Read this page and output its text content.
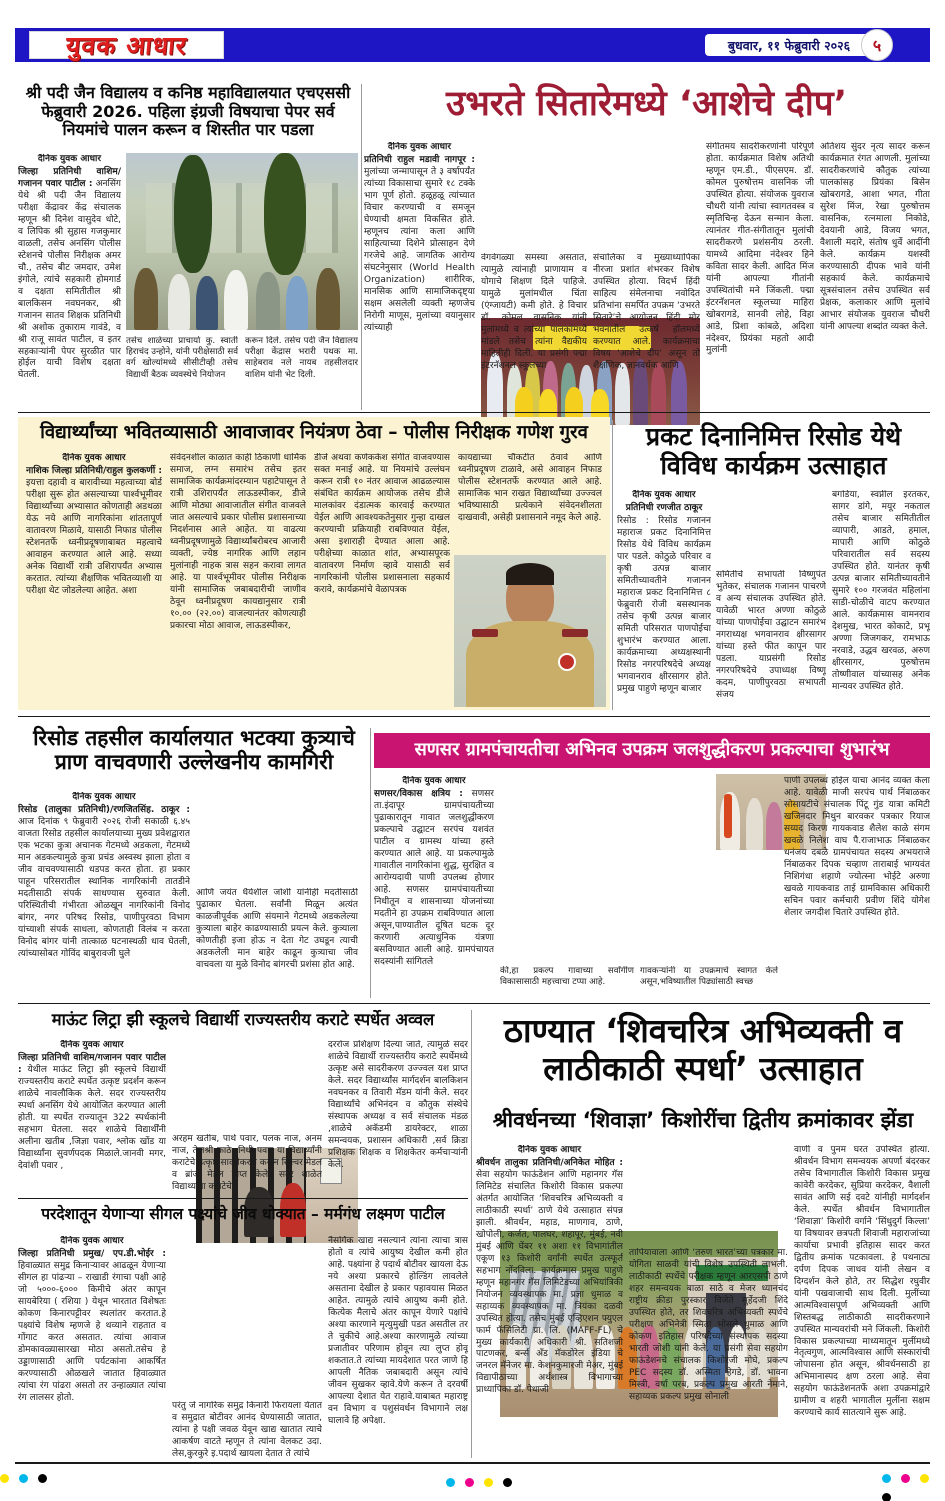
युवक आधार	बुधवार, ११ फेब्रुवारी २०२६ ५
श्री पदी जैन विद्यालय व कनिष्ठ महाविद्यालयात एचएससी फेब्रुवारी 2026. पहिला इंग्रजी विषयाचा पेपर सर्व नियमांचे पालन करून व शिस्तीत पार पडला
दैनिक युवक आधार
जिल्हा प्रतिनिधी वाशिम/ गजानन पवार पाटील : अनसिंग येथे श्री पदी जैन विद्यालय परीक्षा केंद्रावर केंद्र संचालक म्हणून श्री दिनेश वासुदेव धोटे, व लिपिक श्री सुहास गजकुमार वाळली, तसेच अनसिंग पोलीस स्टेशनचे पोलीस निरीक्षक अमर चौ., तसेच बीट जमदार, उमेश इंगोले, त्यांचे सहकारी होमगार्ड व दक्षता समितीतील श्री बालकिसन नवघनकर, श्री गजानन सातव शिक्षक प्रतिनिधी श्री अशोक तुकाराम गावंडे, व श्री राजू सावंत पाटील, व इतर सहकाऱ्यांनी पेपर सुरळीत पार होईल याची विशेष दक्षता घेतली.
तसेच शाळेच्या प्राचार्या कु. स्वाती हिराचंद उन्होने, यांनी परीक्षेसाठी सर्व वर्ग खोल्यांमध्ये सीसीटीव्ही तसेच विद्यार्थी बैठक व्यवस्थेचे नियोजन
करून दिले. तसेच पदी जैन विद्यालय परीक्षा केंद्रास भरारी पथक मा. साहेबराव नले नायब तहसीलदार वाशिम यांनी भेट दिली.
उभरते सितारेमध्ये ‘आशेचे दीप’
दैनिक युवक आधार
प्रतिनिधी राहुल मडावी नागपूर : मुलांच्या जन्मापासून ते ३ वर्षापर्यंत त्यांच्या विकासाचा सुमारे १८ टक्के भाग पूर्ण होतो. हळूहळू त्यांच्यात विचार करण्याची व समजून घेण्याची क्षमता विकसित होते. म्हणूनच त्यांना कला आणि साहित्याच्या दिशेने प्रोत्साहन देणे गरजेचे आहे. जागतिक आरोग्य संघटनेनुसार (World Health Organization) शारीरिक, मानसिक आणि सामाजिकदृष्ट्या सक्षम असलेली व्यक्ती म्हणजेच निरोगी माणूस, मुलांच्या वयानुसार त्यांच्याही
वेगवेगळ्या समस्या असतात, त्यामुळे त्यांनाही प्राणायाम व योगाचे शिक्षण दिले पाहिजे. यामुळे मुलांमधील चिंता (एंग्जायटी) कमी होते. हे विचार डॉ. कोमल वासनिक यांनी मुलांमध्ये व त्यांच्या पालकांमध्ये मांडले तसेच त्यांना वैद्यकीय माहितीही दिली. या प्रसंगी पद्मा इंटरनॅशनल स्कूलच्या
संचालिका व मुख्याध्यापिका नीरजा प्रशांत शंभरकर विशेष उपस्थित होत्या. विदर्भ हिंदी साहित्य संमेलनाचा नवोदित प्रतिभांना समर्पित उपक्रम ‘उभरते सितारे’चे आयोजन हिंदी मोर भवनातील उत्कर्ष हॉलमध्ये करण्यात आले. कार्यक्रमाचा विषय ‘आशेचे दीप’ असून तो शैक्षणिक, ज्ञानवर्धक आणि
संगीतमय सादरीकरणांनी परिपूर्ण होता. कार्यक्रमात विशेष अतिथी म्हणून एम.डी., पीएसएम. डॉ. कोमल पुरुषोत्तम वासनिक जी उपस्थित होत्या. संयोजक युवराज चौधरी यांनी त्यांचा स्वागतवस्त्र व स्मृतिचिन्ह देऊन सन्मान केला. त्यानंतर गीत-संगीतातून मुलांची सादरीकरणे प्रशंसनीय ठरली. यामध्ये आदिमा नंदेश्वर हिने कविता सादर केली. आदित मिंज यांनी आपल्या गीतांनी उपस्थितांची मने जिंकली. पद्मा इंटरनॅशनल स्कूलच्या माहिरा खोबरागडे, सानवी लोहे, विहा आडे, प्रिशा कांबळे, अदिशा नंदेश्वर, प्रियंका महतो आदी मुलांनी
अतिशय सुंदर नृत्य सादर करून कार्यक्रमात रंगत आणली. मुलांच्या सादरीकरणांचे कौतुक त्यांच्या पालकांसह प्रियंका बिसेन खोबरागडे, आशा भगत, गीता सुरेश मिंज, रेखा पुरुषोत्तम वासनिक, रत्नमाला निकोडे, देवयानी आडे, विजय भगत, वैशाली मदारे, संतोष धुर्वे आदींनी केले. कार्यक्रम यशस्वी करण्यासाठी दीपक भावे यांनी सहकार्य केले. कार्यक्रमाचे सूत्रसंचालन तसेच उपस्थित सर्व प्रेक्षक, कलाकार आणि मुलांचे आभार संयोजक युवराज चौधरी यांनी आपल्या शब्दांत व्यक्त केले.
विद्यार्थ्यांच्या भवितव्यासाठी आवाजावर नियंत्रण ठेवा – पोलीस निरीक्षक गणेश गुरव
दैनिक युवक आधार
नाशिक जिल्हा प्रतिनिधी/राहुल कुलकर्णी : इयत्ता दहावी व बारावीच्या महत्वाच्या बोर्ड परीक्षा सुरू होत असल्याच्या पार्श्वभूमीवर विद्यार्थ्यांच्या अभ्यासात कोणताही अडथळा येऊ नये आणि नागरिकांना शांततापूर्ण वातावरण मिळावे, यासाठी निफाड पोलीस स्टेशनतर्फे ध्वनीप्रदूषणाबाबत महत्वाचे आवाहन करण्यात आले आहे. सध्या अनेक विद्यार्थी रात्री उशिरापर्यंत अभ्यास करतात. त्यांच्या शैक्षणिक भवितव्याशी या परीक्षा थेट जोडलेल्या आहेत. अशा
संवेदनशील काळात काही ठिकाणी धार्मिक समाज, लग्न समारंभ तसेच इतर सामाजिक कार्यक्रमांदरम्यान पहाटेपासून ते रात्री उशिरापर्यंत लाऊडस्पीकर, डीजे आणि मोठ्या आवाजातील संगीत वाजवले जात असल्याचे प्रकार पोलीस प्रशासनाच्या निदर्शनास आले आहेत. या वाढत्या ध्वनीप्रदूषणामुळे विद्यार्थ्यांबरोबरच आजारी व्यक्ती, ज्येष्ठ नागरिक आणि लहान मुलांनाही नाहक त्रास सहन करावा लागत आहे. या पार्श्वभूमीवर पोलीस निरीक्षक यांनी सामाजिक जबाबदारीची जाणीव ठेवून ध्वनीप्रदूषण कायद्यानुसार रात्री १०.०० (२२.००) वाजल्यानंतर कोणत्याही प्रकारचा मोठा आवाज, लाऊडस्पीकर,
डीजे अथवा कर्णकर्कश संगीत वाजवण्यास सक्त मनाई आहे. या नियमांचे उल्लंघन करून रात्री १० नंतर आवाज आढळल्यास संबंधित कार्यक्रम आयोजक तसेच डीजे मालकांवर दंडात्मक कारवाई करण्यात येईल आणि आवश्यकतेनुसार गुन्हा दाखल करण्याची प्रक्रियाही राबविण्यात येईल, असा इशाराही देण्यात आला आहे. परीक्षेच्या काळात शांत, अभ्यासपूरक वातावरण निर्माण व्हावे यासाठी सर्व नागरिकांनी पोलीस प्रशासनाला सहकार्य करावे, कार्यक्रमांचे वेळापत्रक
कायद्याच्या चौकटीत ठेवावे आणि ध्वनीप्रदूषण टाळावे, असे आवाहन निफाड पोलीस स्टेशनतर्फे करण्यात आले आहे. सामाजिक भान राखत विद्यार्थ्यांच्या उज्ज्वल भविष्यासाठी प्रत्येकाने संवेदनशीलता दाखवावी, असेही प्रशासनाने नमूद केले आहे.
प्रकट दिनानिमित्त रिसोड येथे विविध कार्यक्रम उत्साहात
दैनिक युवक आधार
प्रतिनिधी रणजीत ठाकूर
रिसोड : रिसोड गजानन महाराज प्रकट दिनानिमित्त रिसोड येथे विविध कार्यक्रम पार पडले. कोठुळे परिवार व कृषी उत्पन्न बाजार समितीच्यावतीने गजानन महाराज प्रकट दिनानिमित्त ८ फेब्रुवारी रोजी बसस्थानक तसेच कृषी उत्पन्न बाजार समिती परिसरात पाणपोईचा शुभारंभ करण्यात आला. कार्यक्रमाच्या अध्यक्षस्थानी रिसोड नगरपरिषदेचे अध्यक्ष भगवानराव क्षीरसागर होते. प्रमुख पाहुणे म्हणून बाजार
समितीचे सभापती विष्णुपंत भुतेकर, संचालक गजानन पाचरणे व अन्य संचालक उपस्थित होते. यावेळी भारत अण्णा कोठुळे यांच्या पाणपोईचा उद्घाटन समारंभ नगराध्यक्ष भगवानराव क्षीरसागर यांच्या हस्ते फीत कापून पार पडला. याप्रसंगी रिसोड नगरपरिषदेचे उपाध्यक्ष विष्णू कदम, पाणीपुरवठा सभापती संजय
बगडिया, स्वप्नील इरतकर, सागर डांगे, मयूर नकताल तसेच बाजार समितीतील व्यापारी, आडते, हमाल, मापारी आणि कोठुळे परिवारातील सर्व सदस्य उपस्थित होते. यानंतर कृषी उत्पन्न बाजार समितीच्यावतीने सुमारे १०० गरजवंत महिलांना साडी-चोळीचे वाटप करण्यात आले. कार्यक्रमास वामनराव देशमुख, भारत कोकाटे, प्रभू अण्णा जिजगकर, रामभाऊ नरवाडे, उद्धव खरवळ, अरुण क्षीरसागर, पुरुषोत्तम तोष्णीवाल यांच्यासह अनेक मान्यवर उपस्थित होते.
रिसोड तहसील कार्यालयात भटक्या कुत्र्याचे प्राण वाचवणारी उल्लेखनीय कामगिरी
दैनिक युवक आधार
रिसोड (तालुका प्रतिनिधी)/रणजितसिंह. ठाकूर : आज दिनांक ९ फेब्रुवारी २०२६ रोजी सकाळी ६.४५ वाजता रिसोड तहसील कार्यालयाच्या मुख्य प्रवेशद्वारात एक भटका कुत्रा अचानक गेटमध्ये अडकला, गेटमध्ये मान अडकल्यामुळे कुत्रा प्रचंड अस्वस्थ झाला होता व जीव वाचवण्यासाठी धडपड करत होता. हा प्रकार पाहून परिसरातील स्थानिक नागरिकांनी तातडीने मदतीसाठी संपर्क साधण्यास सुरुवात केली. परिस्थितीची गंभीरता ओळखून नागरिकांनी विनोद बांगर, नगर परिषद रिसोड, पाणीपुरवठा विभाग यांच्याशी संपर्क साधला, कोणताही विलंब न करता विनोद बांगर यांनी तात्काळ घटनास्थळी धाव घेतली, त्यांच्यासोबत गोविंद बाबुरावजी घुले
आणि जयंत धैर्यशील जोशी यांनीही मदतीसाठी पुढाकार घेतला. सर्वांनी मिळून अत्यंत काळजीपूर्वक आणि संयमाने गेटमध्ये अडकलेल्या कुत्र्याला बाहेर काढण्यासाठी प्रयत्न केले. कुत्र्याला कोणतीही इजा होऊ न देता गेट उघडून त्याची अडकलेली मान बाहेर काढून कुत्र्याचा जीव वाचवला या मुळे विनोद बांगरची प्रशंसा होत आहे.
सणसर ग्रामपंचायतीचा अभिनव उपक्रम जलशुद्धीकरण प्रकल्पाचा शुभारंभ
दैनिक युवक आधार
सणसर/विकास क्षत्रिय : सणसर ता.इंदापूर ग्रामपंचायतीच्या पुढाकारातून गावात जलशुद्धीकरण प्रकल्पाचे उद्घाटन सरपंच यशवंत पाटील व ग्रामस्थ यांच्या हस्ते करण्यात आले आहे. या प्रकल्पामुळे गावातील नागरिकांना शुद्ध, सुरक्षित व आरोग्यदायी पाणी उपलब्ध होणार आहे. सणसर ग्रामपंचायतीच्या निधीतून व शासनाच्या योजनांच्या मदतीने हा उपक्रम राबविण्यात आला असून,पाण्यातील दूषित घटक दूर करणारी अत्याधुनिक यंत्रणा बसविण्यात आली आहे. ग्रामपंचायत सदस्यांनी सांगितले
की,हा प्रकल्प गावाच्या सर्वांगीण विकासासाठी महत्त्वाचा टप्पा आहे.
गावकऱ्यांनी या उपक्रमाचे स्वागत केले असून,भविष्यातील पिढ्यांसाठी स्वच्छ
पाणी उपलब्ध होईल याचा आनंद व्यक्त केला आहे. यावेळी माजी सरपंच पार्थ निंबाळकर सोसायटीचे संचालक पिंटू गुंड यात्रा कमिटी खजिनदार मिथुन बारवकर पत्रकार रियाज सय्यद किरण गायकवाड शैलेश काळे संगम खवळे निलेश वाघ पै.राजाभाऊ निंबाळकर धनंजय दबळे ग्रामपंचायत सदस्य अभयराजे निंबाळकर दिपक चव्हाण ताराबाई भाग्यवंत निशिगंधा शहाणे ज्योत्स्ना भोईटे अरुणा खवळे गायकवाड ताई ग्रामविकास अधिकारी सचिन पवार कर्मचारी प्रवीण शिंदे योगेश शेलार जगदीश चितारे उपस्थित होते.
माऊंट लिट्रा झी स्कूलचे विद्यार्थी राज्यस्तरीय कराटे स्पर्धेत अव्वल
दैनिक युवक आधार
जिल्हा प्रतिनिधी वाशिम/गजानन पवार पाटील : येथील माऊंट लिट्रा झी स्कूलचे विद्यार्थी राज्यस्तरीय कराटे स्पर्धेत उत्कृष्ट प्रदर्शन करून शाळेचे नावलौकिक केले. सदर राज्यस्तरीय स्पर्धा अनसिंग येथे आयोजित करण्यात आली होती. या स्पर्धेत राज्यातून 322 स्पर्धकांनी सहभाग घेतला. सदर शाळेचे विद्यार्थींनी अलीना खतीब ,जिज्ञा पवार, श्लोक खोंड या विद्यार्थ्यांना सुवर्णपदक मिळाले.जानवी मगर, देवांशी पवार ,
अरहम खतीब, पार्थ पवार, पलक नाज, अनम नाज, तेजश्री काठे, निधी पवार या विद्यार्थ्यांनी कराटेचे उत्कृष्ट सादरीकरण करून सिल्वर मेडल व ब्रांज मेडल प्राप्त केले. सदर शाळेत विद्यार्थ्यांना कराटेचे
दररोज प्रशिक्षण दिल्या जाते, त्यामुळे सदर शाळेचे विद्यार्थी राज्यस्तरीय कराटे स्पर्धेमध्ये उत्कृष्ट असे सादरीकरण उज्ज्वल यश प्राप्त केले. सदर विद्यार्थ्यांस मार्गदर्शन बालकिशन नवघनकर व तिवारी मॅडम यांनी केले. सदर विद्यार्थ्यांचे अभिनंदन व कौतुक संस्थेचे संस्थापक अध्यक्ष व सर्व संचालक मंडळ ,शाळेचे अकॅडमी डायरेक्टर, शाळा समन्वयक, प्रशासन अधिकारी ,सर्व क्रिडा प्रशिक्षक शिक्षक व शिक्षकेतर कर्मचाऱ्यांनी केले.
परदेशातून येणाऱ्या सीगल पक्ष्यांचे जीव धोक्यात – मर्मगंध लक्ष्मण पाटील
दैनिक युवक आधार
जिल्हा प्रतिनिधी प्रमुख/ एप.डी.भोईर : हिवाळ्यात समुद्र किनाऱ्यावर आढळून येणाऱ्या सीगल हा पांढऱ्या – राखाडी रंगाचा पक्षी आहे जो ५०००-६००० किमीचे अंतर कापून सायबेरिया ( रशिया ) येथून भारतात विशेषतः कोकण किनारपट्टीवर स्थलांतर करतात.हे पक्ष्यांचे विशेष म्हणजे हे थव्याने राहतात व गोंगाट करत असतात. त्यांचा आवाज डोमकावळ्यासारखा मोठा असतो.तसेच हे उड्डाणासाठी आणि पर्यटकांना आकर्षित करण्यासाठी ओळखले जातात हिवाळ्यात त्यांचा रंग पांढरा असतो तर उन्हाळ्यात त्यांचा रंग लालसर होतो.
परंतु जे नागरिक समुद्र किनारी फिरायला येतात व समुद्रात बोटीवर आनंद घेण्यासाठी जातात, त्यांना हे पक्षी जवळ येवून खाद्य खातात त्याचे आकर्षण वाटते म्हणून ते त्यांना वेलकट उदा. लेस,कुरकुरे इ.पदार्थ खायला देतात ते त्यांचे
नैसर्गिक खाद्य नसल्याने त्यांना त्याचा त्रास होतो व त्यांचे आयुष्य देखील कमी होत आहे. पक्ष्यांना हे पदार्थ बोटीवर खायला देऊ नये अश्या प्रकारचे होल्डिंग लावलेले असताना देखील हे प्रकार पहावयास मिळत आहेत. त्यामुळे त्यांचे आयुष्य कमी होते. कित्येक मैलाचे अंतर कापून येणारे पक्षांचे अश्या कारणाने मृत्युमुखी पडत असतील तर ते चुकीचे आहे.अश्या कारणामुळे त्यांच्या प्रजातीवर परिणाम होवून त्या लुप्त होवू शकतात.ते त्यांच्या मायदेशात परत जाणे हि आपली नैतिक जबाबदारी असून त्यांचे जीवन सुखकर व्हावे.येणे करून ते दरवर्षी आपल्या देशात येत राहावे.याबाबत महाराष्ट्र वन विभाग व पशुसंवर्धन विभागाने लक्ष घालावे हि अपेक्षा.
ठाण्यात ‘शिवचरित्र अभिव्यक्ती व लाठीकाठी स्पर्धा’ उत्साहात
श्रीवर्धनच्या ‘शिवाज्ञा’ किशोरींचा द्वितीय क्रमांकावर झेंडा
दैनिक युवक आधार
श्रीवर्धन तालुका प्रतिनिधी/अनिकेत मोहित : सेवा सहयोग फाऊंडेशन आणि महानगर गॅस लिमिटेड संचालित किशोरी विकास प्रकल्पा अंतर्गत आयोजित ‘शिवचरित्र अभिव्यक्ती व लाठीकाठी स्पर्धा’ ठाणे येथे उत्साहात संपन्न झाली. श्रीवर्धन, महाड, माणगाव, ठाणे, खोपोली, कर्जत, पालघर, शहापूर, मुंबई, नवी मुंबई आणि घेंबर ११ अशा ११ विभागांतील एकूण १३ किशोरी वर्गांनी स्पर्धेत उत्स्फूर्त सहभाग नोंदविला. कार्यक्रमास प्रमुख पाहुणे म्हणून महानगर गॅस लिमिटेडच्या अभियांत्रिकी नियोजन व्यवस्थापक मा. प्रज्ञा धुमाळ व सहाय्यक व्यवस्थापक मा. त्रियंका दळवी उपस्थित होत्या. तसेच मुंबई एव्हिएशन फ्युएल फार्म फॅसिलिटी प्रा. लि. (MAFF-FL) चे मुख्य कार्यकारी अधिकारी श्री. सतिशजी पाटणकर, बर्न्स अँड मॅकडोरेल इंडिया चे जनरल मॅनेजर मा. केशनकुमारजी मेअर, मुंबई विद्यापीठाच्या अर्थशास्त्र विभागाच्या प्राध्यापिका डॉ. पेधाजी
तापियावाला आणि ‘तरुण भारत’च्या पत्रकार मा. योगिता साळवी यांची विशेष उपस्थिती लाभली. लाठीकाठी स्पर्धेचे परीक्षक म्हणून आरएसपी ठाणे शहर समन्वयक बाळा साठे व मेजर ध्यानचंद राष्ट्रीय क्रीडा पुरस्कार विजेते सुर्हेदजी शिंदे उपस्थित होते, तर शिवचरित्र अभिव्यक्ती स्पर्धेचे परीक्षण अभिनेत्री स्मिता भोसले धुमाळ आणि कोकण इतिहास परिषदेच्या संस्थापक सदस्या भारती जोशी यांनी केले. या प्रसंगी सेवा सहयोग फाऊंडेशनचे संचालक किशोरजी मोघे, प्रकल्प PEC सदस्य डॉ. अस्मिता हेगडे, डॉ. भावना मिस्त्री, वर्षा परब, प्रकल्प प्रमुख आरती नेमाने, सहाय्यक प्रकल्प प्रमुख सोनाली
वाणी व पुनम घरत उपस्थित होत्या. श्रीवर्धन विभाग समन्वयक अपर्णा बंदरकर तसेच विभागातील किशोरी विकास प्रमुख कावेरी करदेकर, सुप्रिया करदेकर, वैशाली सावंत आणि सई दवटे यांनीही मार्गदर्शन केले. स्पर्धेत श्रीवर्धन विभागातील ‘शिवाज्ञा’ किशोरी वर्गाने ‘सिंधुदुर्ग किल्ला’ या विषयावर छत्रपती शिवाजी महाराजांच्या कार्याचा प्रभावी इतिहास सादर करत द्वितीय क्रमांक पटकावला. हे पथनाट्य दर्पण दिपक जाधव यांनी लेखन व दिग्दर्शन केले होते, तर सिद्धेश रघुवीर यांनी पखवाजाची साथ दिली. मुलींच्या आत्मविश्वासपूर्ण अभिव्यक्ती आणि शिस्तबद्ध लाठीकाठी सादरीकरणाने उपस्थित मान्यवरांची मने जिंकली. किशोरी विकास प्रकल्पाच्या माध्यमातून मुलींमध्ये नेतृत्वगुण, आत्मविश्वास आणि संस्कारांची जोपासना होत असून, श्रीवर्धनसाठी हा अभिमानास्पद क्षण ठरला आहे. सेवा सहयोग फाऊंडेशनतर्फे अशा उपक्रमांद्वारे ग्रामीण व शहरी भागातील मुलींना सक्षम करण्याचे कार्य सातत्याने सुरू आहे.
